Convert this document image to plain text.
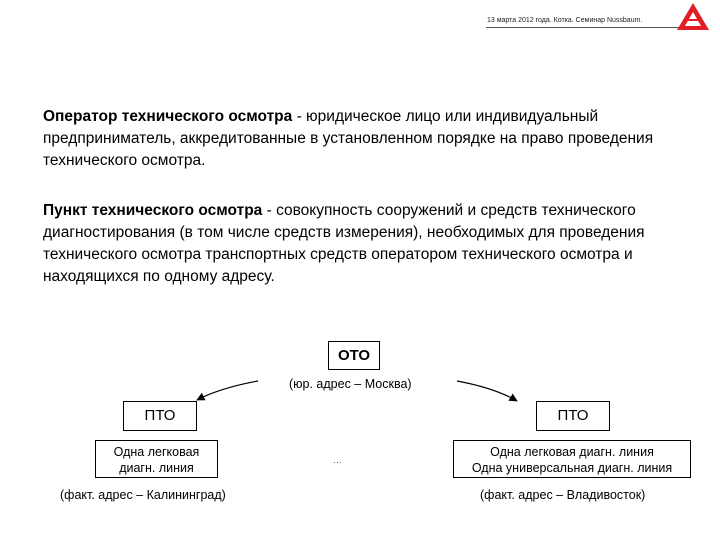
13 марта 2012 года. Котка. Семинар Nussbaum.

Оператор технического осмотра - юридическое лицо или индивидуальный предприниматель, аккредитованные в установленном порядке на право проведения технического осмотра.

Пункт технического осмотра - совокупность сооружений и средств технического диагностирования (в том числе средств измерения), необходимых для проведения технического осмотра транспортных средств оператором технического осмотра и находящихся по одному адресу.

ОТО
(юр. адрес – Москва)
ПТО	ПТО
Одна легковая
диагн. линия
Одна легковая диагн. линия
Одна универсальная диагн. линия
…
(факт. адрес – Калининград)	(факт. адрес – Владивосток)
